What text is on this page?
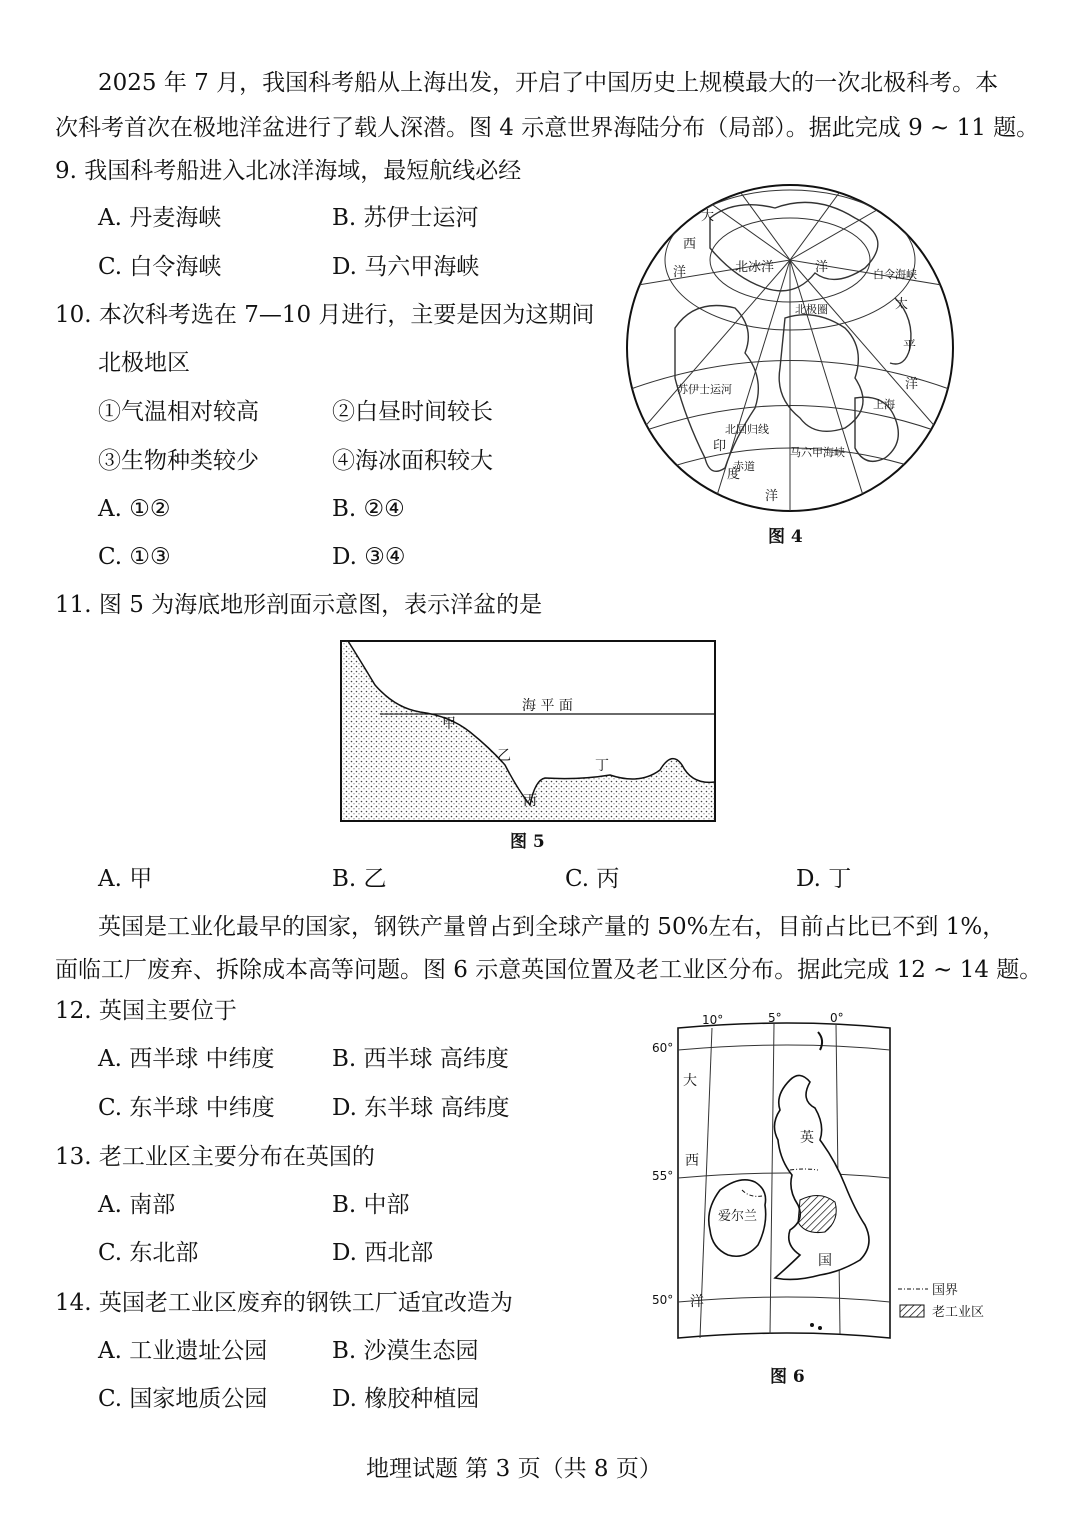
2025 年 7 月，我国科考船从上海出发，开启了中国历史上规模最大的一次北极科考。本
次科考首次在极地洋盆进行了载人深潜。图 4 示意世界海陆分布（局部）。据此完成 9 ~ 11 题。
9. 我国科考船进入北冰洋海域，最短航线必经
A. 丹麦海峡	B. 苏伊士运河
C. 白令海峡	D. 马六甲海峡
10. 本次科考选在 7—10 月进行，主要是因为这期间
北极地区
①气温相对较高	②白昼时间较长
③生物种类较少	④海冰面积较大
A. ①②	B. ②④
C. ①③	D. ③④
大
西
洋	北冰洋	洋
北极圈
白令海峡
太
平
洋
苏伊士运河
上海
北回归线
马六甲海峡
印
度
洋
赤道
图 4
11. 图 5 为海底地形剖面示意图，表示洋盆的是
海 平 面
甲
乙
丙
丁
图 5
A. 甲	B. 乙	C. 丙	D. 丁
英国是工业化最早的国家，钢铁产量曾占到全球产量的 50%左右，目前占比已不到 1%，
面临工厂废弃、拆除成本高等问题。图 6 示意英国位置及老工业区分布。据此完成 12 ~ 14 题。
12. 英国主要位于
A. 西半球 中纬度 B. 西半球 高纬度
C. 东半球 中纬度 D. 东半球 高纬度
13. 老工业区主要分布在英国的
A. 南部	B. 中部
C. 东北部	D. 西北部
14. 英国老工业区废弃的钢铁工厂适宜改造为
A. 工业遗址公园	B. 沙漠生态园
C. 国家地质公园	D. 橡胶种植园
10°	5°	0°
60°
55°
50°
大
西
洋
英
国
爱尔兰
国界
老工业区
图 6
地理试题 第 3 页（共 8 页）
